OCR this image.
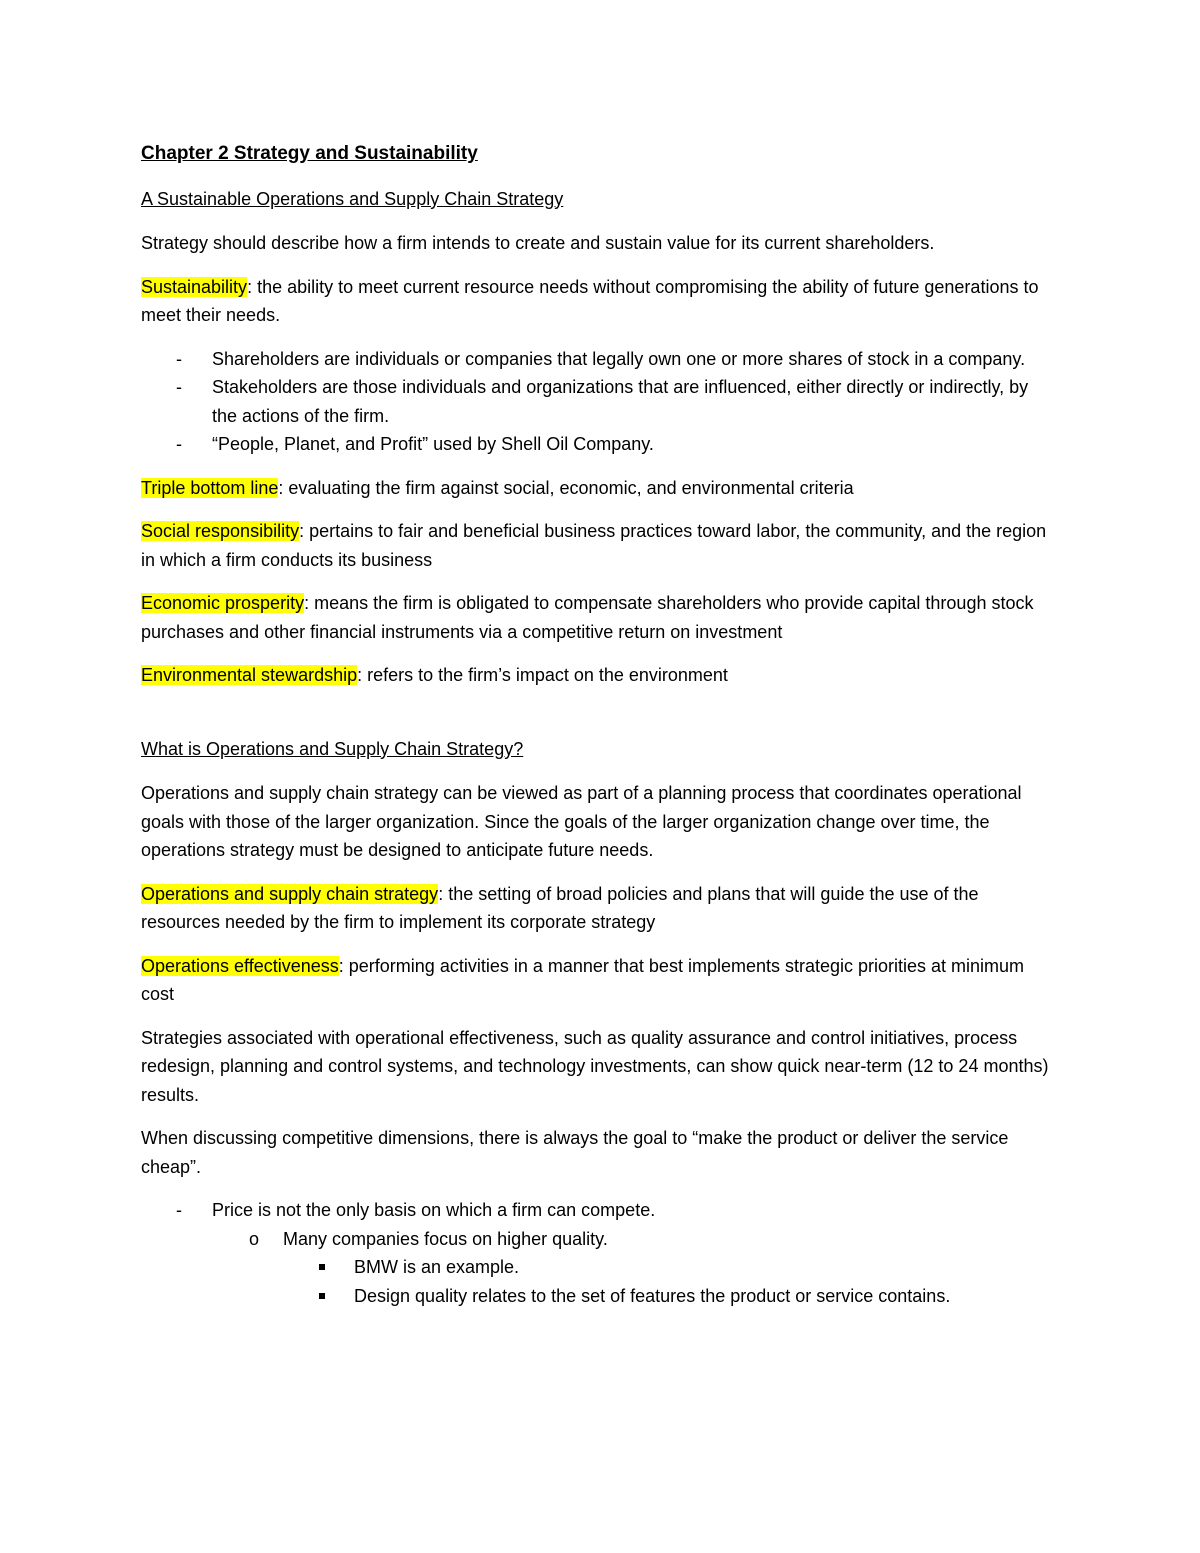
Chapter 2 Strategy and Sustainability
A Sustainable Operations and Supply Chain Strategy

Strategy should describe how a firm intends to create and sustain value for its current shareholders.

Sustainability: the ability to meet current resource needs without compromising the ability of future generations to meet their needs.

- Shareholders are individuals or companies that legally own one or more shares of stock in a company.
- Stakeholders are those individuals and organizations that are influenced, either directly or indirectly, by the actions of the firm.
- “People, Planet, and Profit” used by Shell Oil Company.

Triple bottom line: evaluating the firm against social, economic, and environmental criteria

Social responsibility: pertains to fair and beneficial business practices toward labor, the community, and the region in which a firm conducts its business

Economic prosperity: means the firm is obligated to compensate shareholders who provide capital through stock purchases and other financial instruments via a competitive return on investment

Environmental stewardship: refers to the firm’s impact on the environment

What is Operations and Supply Chain Strategy?

Operations and supply chain strategy can be viewed as part of a planning process that coordinates operational goals with those of the larger organization. Since the goals of the larger organization change over time, the operations strategy must be designed to anticipate future needs.

Operations and supply chain strategy: the setting of broad policies and plans that will guide the use of the resources needed by the firm to implement its corporate strategy

Operations effectiveness: performing activities in a manner that best implements strategic priorities at minimum cost

Strategies associated with operational effectiveness, such as quality assurance and control initiatives, process redesign, planning and control systems, and technology investments, can show quick near-term (12 to 24 months) results.

When discussing competitive dimensions, there is always the goal to “make the product or deliver the service cheap”.

- Price is not the only basis on which a firm can compete.
o Many companies focus on higher quality.
BMW is an example.
Design quality relates to the set of features the product or service contains.
